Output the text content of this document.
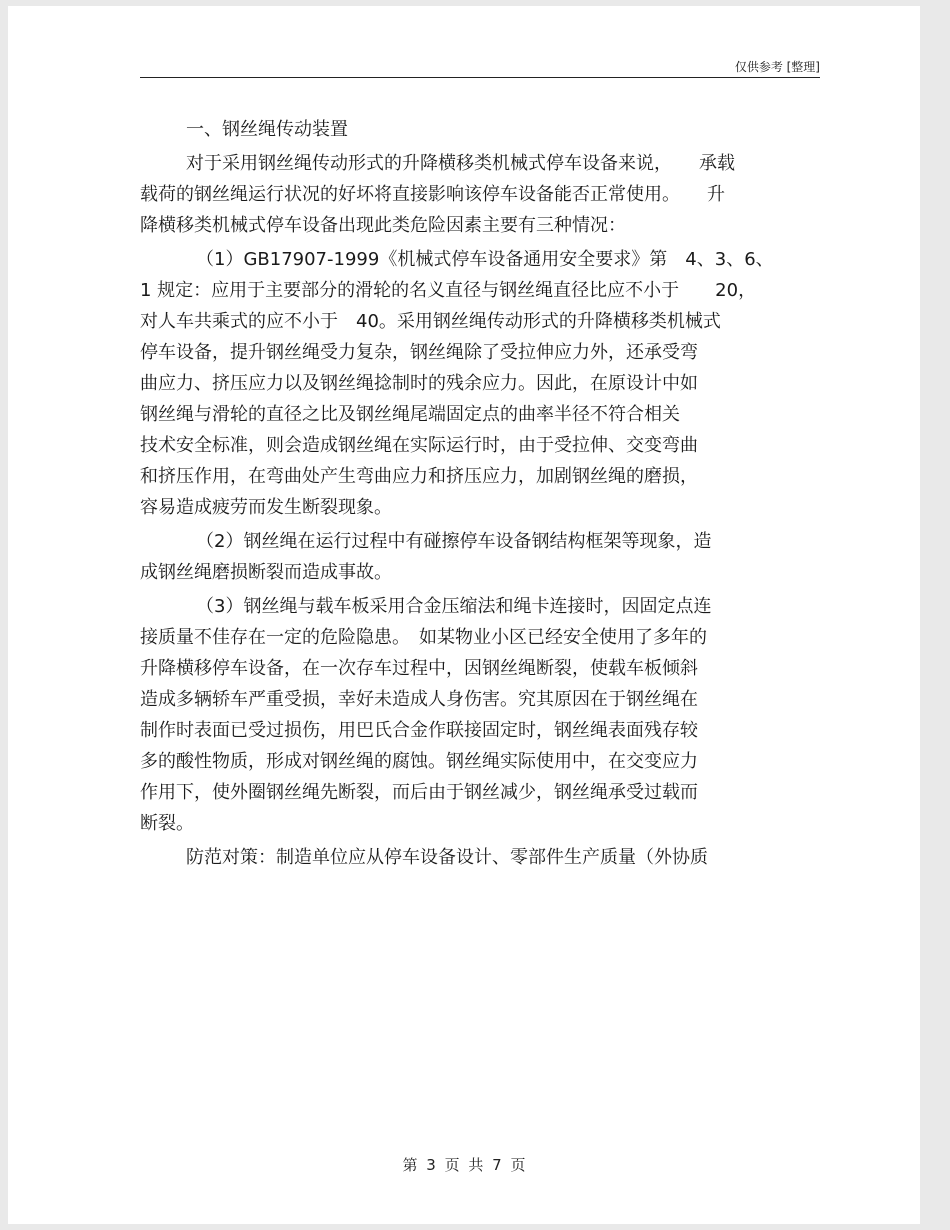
仅供参考 [整理]

一、钢丝绳传动装置

对于采用钢丝绳传动形式的升降横移类机械式停车设备来说，　　承载

载荷的钢丝绳运行状况的好坏将直接影响该停车设备能否正常使用。　　升

降横移类机械式停车设备出现此类危险因素主要有三种情况：

（1）GB17907-1999《机械式停车设备通用安全要求》第　4、3、6、

1 规定：应用于主要部分的滑轮的名义直径与钢丝绳直径比应不小于　　20，

对人车共乘式的应不小于　40。采用钢丝绳传动形式的升降横移类机械式

停车设备，提升钢丝绳受力复杂，钢丝绳除了受拉伸应力外，还承受弯

曲应力、挤压应力以及钢丝绳捻制时的残余应力。因此，在原设计中如

钢丝绳与滑轮的直径之比及钢丝绳尾端固定点的曲率半径不符合相关

技术安全标准，则会造成钢丝绳在实际运行时，由于受拉伸、交变弯曲

和挤压作用，在弯曲处产生弯曲应力和挤压应力，加剧钢丝绳的磨损，

容易造成疲劳而发生断裂现象。

（2）钢丝绳在运行过程中有碰擦停车设备钢结构框架等现象，造

成钢丝绳磨损断裂而造成事故。

（3）钢丝绳与载车板采用合金压缩法和绳卡连接时，因固定点连

接质量不佳存在一定的危险隐患。　如某物业小区已经安全使用了多年的

升降横移停车设备，在一次存车过程中，因钢丝绳断裂，使载车板倾斜

造成多辆轿车严重受损，幸好未造成人身伤害。究其原因在于钢丝绳在

制作时表面已受过损伤，用巴氏合金作联接固定时，钢丝绳表面残存较

多的酸性物质，形成对钢丝绳的腐蚀。钢丝绳实际使用中，在交变应力

作用下，使外圈钢丝绳先断裂，而后由于钢丝减少，钢丝绳承受过载而

断裂。

防范对策：制造单位应从停车设备设计、零部件生产质量（外协质

第 3 页 共 7 页
